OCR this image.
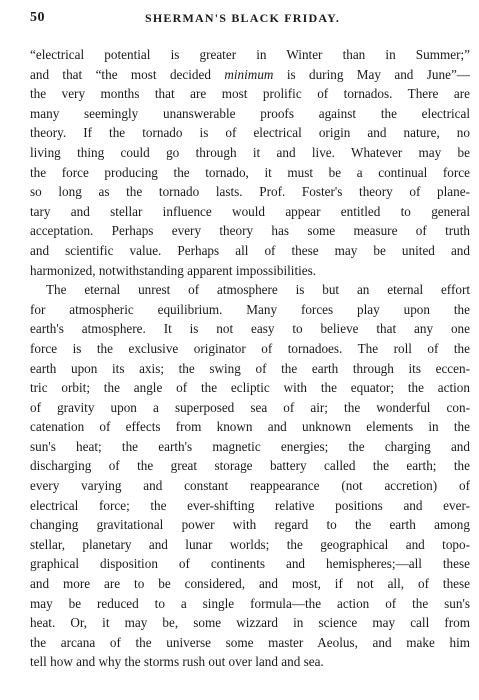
50	SHERMAN'S BLACK FRIDAY.
“electrical potential is greater in Winter than in Summer;”
and that “the most decided minimum is during May and June”—
the very months that are most prolific of tornados. There are
many seemingly unanswerable proofs against the electrical
theory. If the tornado is of electrical origin and nature, no
living thing could go through it and live. Whatever may be
the force producing the tornado, it must be a continual force
so long as the tornado lasts. Prof. Foster's theory of plane-
tary and stellar influence would appear entitled to general
acceptation. Perhaps every theory has some measure of truth
and scientific value. Perhaps all of these may be united and
harmonized, notwithstanding apparent impossibilities.
The eternal unrest of atmosphere is but an eternal effort
for atmospheric equilibrium. Many forces play upon the
earth's atmosphere. It is not easy to believe that any one
force is the exclusive originator of tornadoes. The roll of the
earth upon its axis; the swing of the earth through its eccen-
tric orbit; the angle of the ecliptic with the equator; the action
of gravity upon a superposed sea of air; the wonderful con-
catenation of effects from known and unknown elements in the
sun's heat; the earth's magnetic energies; the charging and
discharging of the great storage battery called the earth; the
every varying and constant reappearance (not accretion) of
electrical force; the ever-shifting relative positions and ever-
changing gravitational power with regard to the earth among
stellar, planetary and lunar worlds; the geographical and topo-
graphical disposition of continents and hemispheres;—all these
and more are to be considered, and most, if not all, of these
may be reduced to a single formula—the action of the sun's
heat. Or, it may be, some wizzard in science may call from
the arcana of the universe some master Aeolus, and make him
tell how and why the storms rush out over land and sea.
